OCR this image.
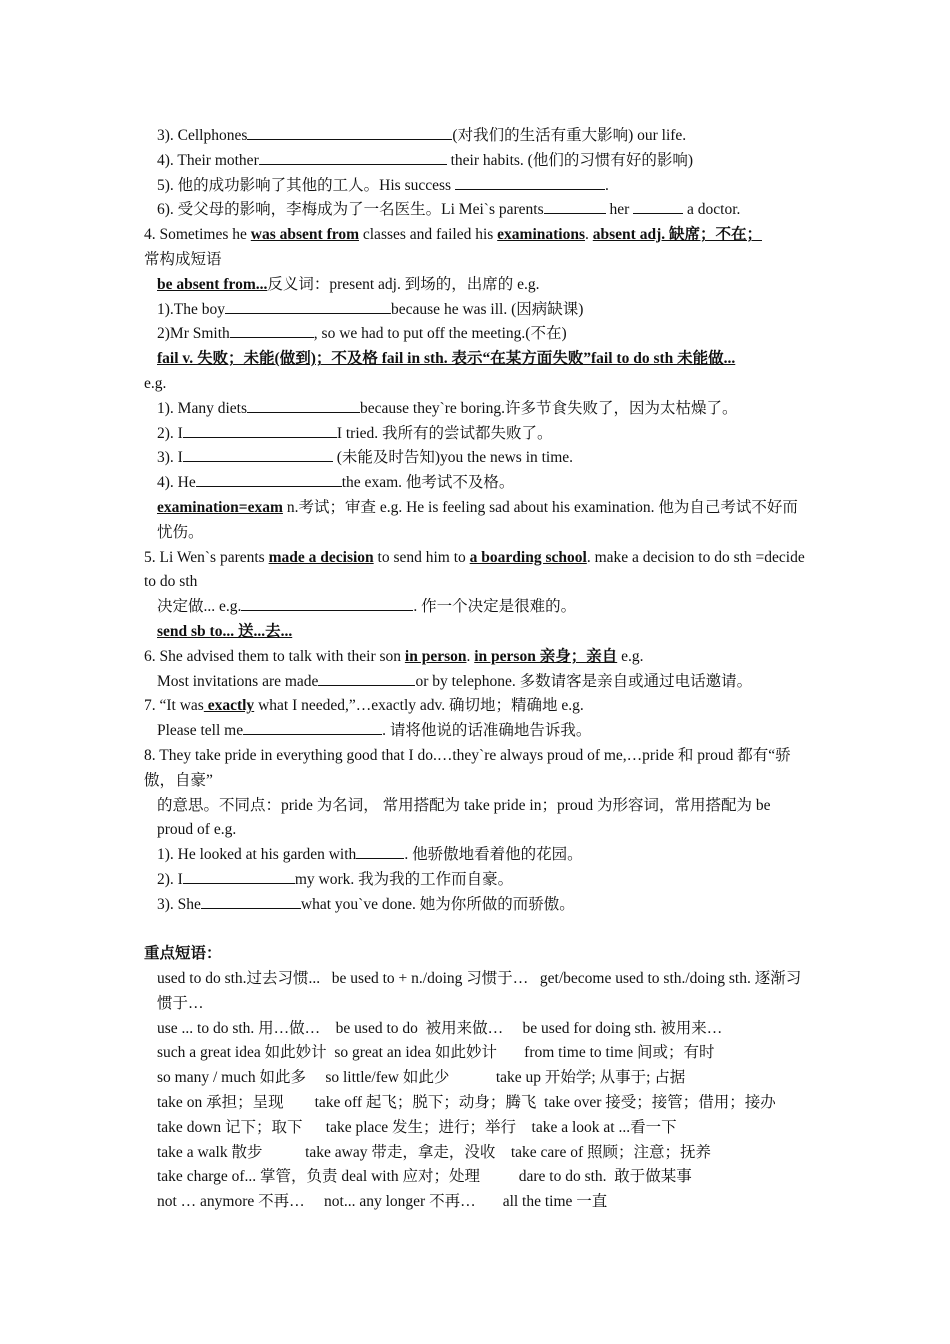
3). Cellphones	(对我们的生活有重大影响) our life.
4). Their mother	their habits. (他们的习惯有好的影响)
5). 他的成功影响了其他的工人。His success	.
6). 受父母的影响，李梅成为了一名医生。Li Mei`s parents	her	a doctor.
4. Sometimes he was absent from classes and failed his examinations. absent adj. 缺席；不在；
常构成短语
be absent from...反义词：present adj. 到场的，出席的 e.g.
1).The boy	because he was ill. (因病缺课)
2)Mr Smith	, so we had to put off the meeting.(不在)
fail v. 失败；未能(做到)；不及格 fail in sth. 表示“在某方面失败”fail to do sth 未能做...
e.g.
1). Many diets	because they`re boring.许多节食失败了，因为太枯燥了。
2). I	I tried. 我所有的尝试都失败了。
3). I	(未能及时告知)you the news in time.
4). He	the exam. 他考试不及格。
examination=exam n.考试；审查 e.g. He is feeling sad about his examination. 他为自己考试不好而忧伤。
5. Li Wen`s parents made a decision to send him to a boarding school. make a decision to do sth =decide to do sth
决定做... e.g.	. 作一个决定是很难的。
send sb to... 送...去...
6. She advised them to talk with their son in person. in person 亲身；亲自 e.g.
Most invitations are made	or by telephone. 多数请客是亲自或通过电话邀请。
7. “It was exactly what I needed,”…exactly adv. 确切地；精确地 e.g.
Please tell me	. 请将他说的话准确地告诉我。
8. They take pride in everything good that I do.…they`re always proud of me,…pride 和 proud 都有“骄傲，自豪”
的意思。不同点：pride 为名词， 常用搭配为 take pride in；proud 为形容词，常用搭配为 be proud of e.g.
1). He looked at his garden with	. 他骄傲地看着他的花园。
2). I	my work. 我为我的工作而自豪。
3). She	what you`ve done. 她为你所做的而骄傲。
重点短语：
used to do sth.过去习惯...   be used to + n./doing 习惯于…   get/become used to sth./doing sth. 逐渐习惯于…
use ... to do sth. 用…做…    be used to do  被用来做…     be used for doing sth. 被用来…
such a great idea 如此妙计  so great an idea 如此妙计       from time to time 间或；有时
so many / much 如此多     so little/few 如此少            take up 开始学; 从事于; 占据
take on 承担；呈现        take off 起飞；脱下；动身；腾飞  take over 接受；接管；借用；接办
take down 记下；取下      take place 发生；进行；举行    take a look at ...看一下
take a walk 散步           take away 带走，拿走，没收    take care of 照顾；注意；抚养
take charge of... 掌管，负责 deal with 应对；处理          dare to do sth.  敢于做某事
not … anymore 不再…     not... any longer 不再…       all the time 一直
